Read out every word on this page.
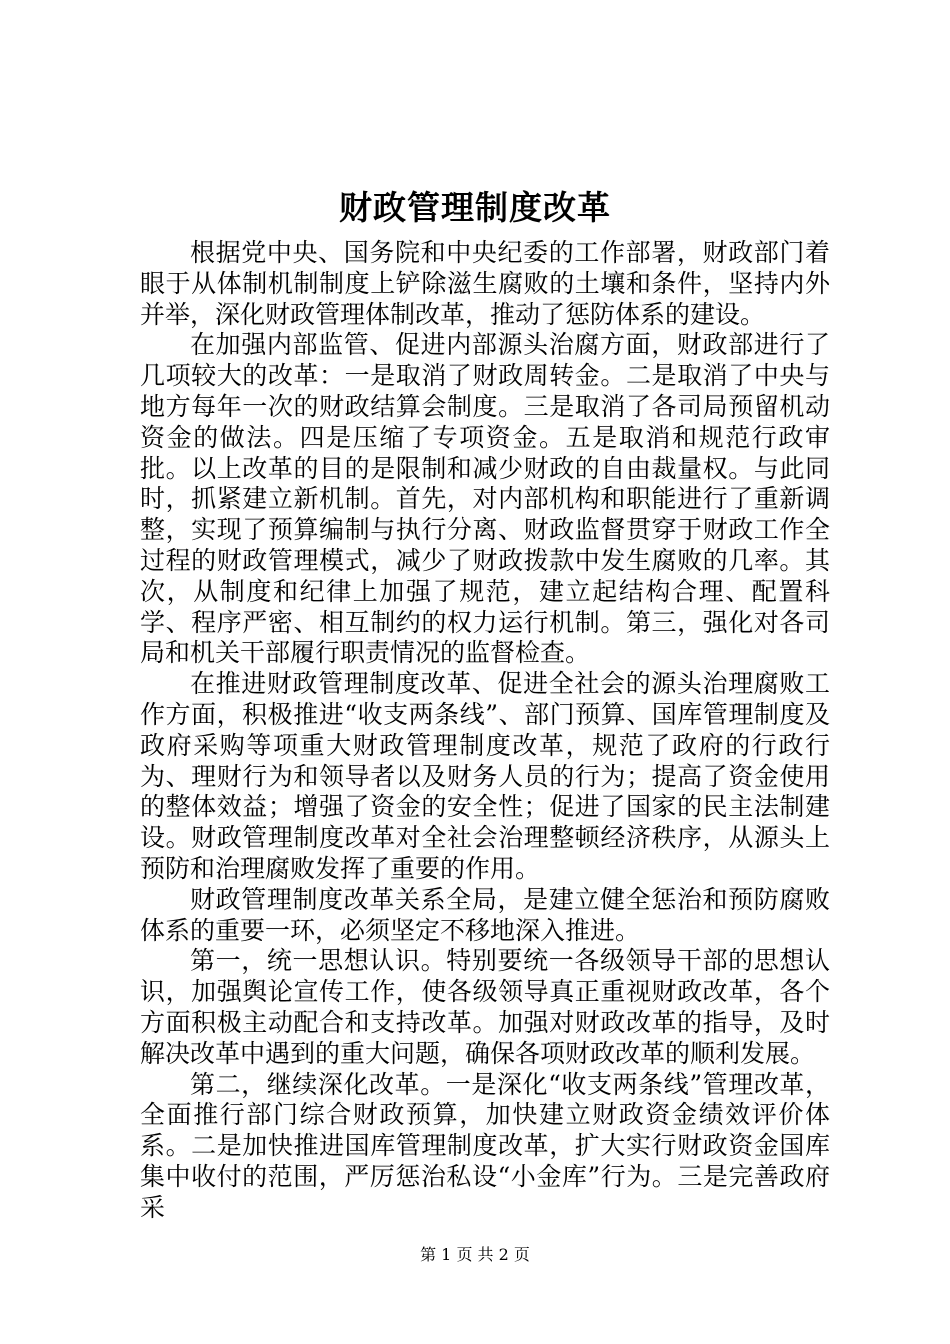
财政管理制度改革

根据党中央、国务院和中央纪委的工作部署，财政部门着眼于从体制机制制度上铲除滋生腐败的土壤和条件，坚持内外并举，深化财政管理体制改革，推动了惩防体系的建设。

在加强内部监管、促进内部源头治腐方面，财政部进行了几项较大的改革：一是取消了财政周转金。二是取消了中央与地方每年一次的财政结算会制度。三是取消了各司局预留机动资金的做法。四是压缩了专项资金。五是取消和规范行政审批。以上改革的目的是限制和减少财政的自由裁量权。与此同时，抓紧建立新机制。首先，对内部机构和职能进行了重新调整，实现了预算编制与执行分离、财政监督贯穿于财政工作全过程的财政管理模式，减少了财政拨款中发生腐败的几率。其次，从制度和纪律上加强了规范，建立起结构合理、配置科学、程序严密、相互制约的权力运行机制。第三，强化对各司局和机关干部履行职责情况的监督检查。

在推进财政管理制度改革、促进全社会的源头治理腐败工作方面，积极推进“收支两条线”、部门预算、国库管理制度及政府采购等项重大财政管理制度改革，规范了政府的行政行为、理财行为和领导者以及财务人员的行为；提高了资金使用的整体效益；增强了资金的安全性；促进了国家的民主法制建设。财政管理制度改革对全社会治理整顿经济秩序，从源头上预防和治理腐败发挥了重要的作用。

财政管理制度改革关系全局，是建立健全惩治和预防腐败体系的重要一环，必须坚定不移地深入推进。

第一，统一思想认识。特别要统一各级领导干部的思想认识，加强舆论宣传工作，使各级领导真正重视财政改革，各个方面积极主动配合和支持改革。加强对财政改革的指导，及时解决改革中遇到的重大问题，确保各项财政改革的顺利发展。

第二，继续深化改革。一是深化“收支两条线”管理改革，全面推行部门综合财政预算，加快建立财政资金绩效评价体系。二是加快推进国库管理制度改革，扩大实行财政资金国库集中收付的范围，严厉惩治私设“小金库”行为。三是完善政府采

第 1 页 共 2 页
